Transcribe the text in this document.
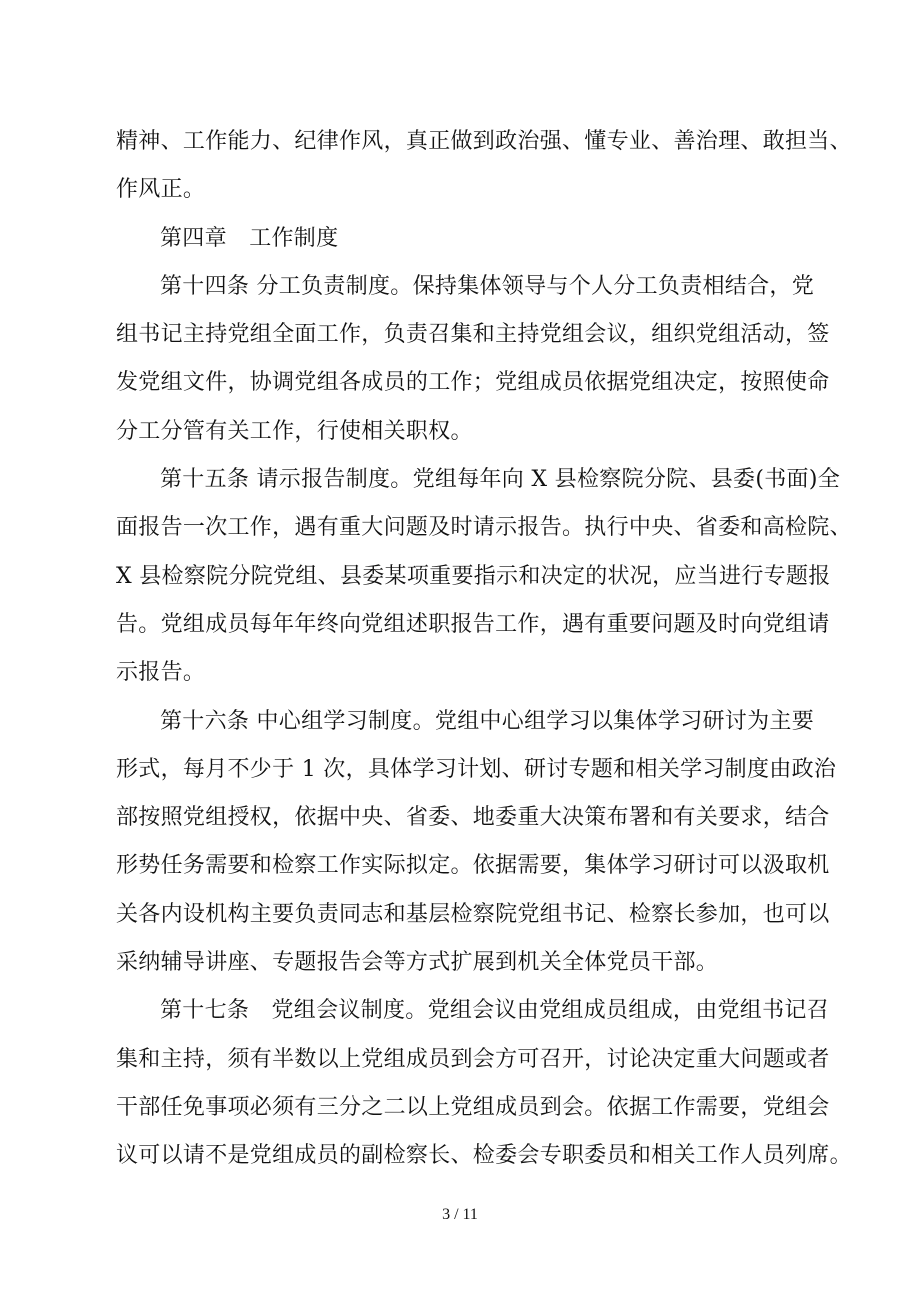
精神、工作能力、纪律作风，真正做到政治强、懂专业、善治理、敢担当、
作风正。
第四章　工作制度
第十四条 分工负责制度。保持集体领导与个人分工负责相结合，党
组书记主持党组全面工作，负责召集和主持党组会议，组织党组活动，签
发党组文件，协调党组各成员的工作；党组成员依据党组决定，按照使命
分工分管有关工作，行使相关职权。
第十五条 请示报告制度。党组每年向 X 县检察院分院、县委(书面)全
面报告一次工作，遇有重大问题及时请示报告。执行中央、省委和高检院、
X 县检察院分院党组、县委某项重要指示和决定的状况，应当进行专题报
告。党组成员每年年终向党组述职报告工作，遇有重要问题及时向党组请
示报告。
第十六条 中心组学习制度。党组中心组学习以集体学习研讨为主要
形式，每月不少于 1 次，具体学习计划、研讨专题和相关学习制度由政治
部按照党组授权，依据中央、省委、地委重大决策布署和有关要求，结合
形势任务需要和检察工作实际拟定。依据需要，集体学习研讨可以汲取机
关各内设机构主要负责同志和基层检察院党组书记、检察长参加，也可以
采纳辅导讲座、专题报告会等方式扩展到机关全体党员干部。
第十七条　党组会议制度。党组会议由党组成员组成，由党组书记召
集和主持，须有半数以上党组成员到会方可召开，讨论决定重大问题或者
干部任免事项必须有三分之二以上党组成员到会。依据工作需要，党组会
议可以请不是党组成员的副检察长、检委会专职委员和相关工作人员列席。
3 / 11
